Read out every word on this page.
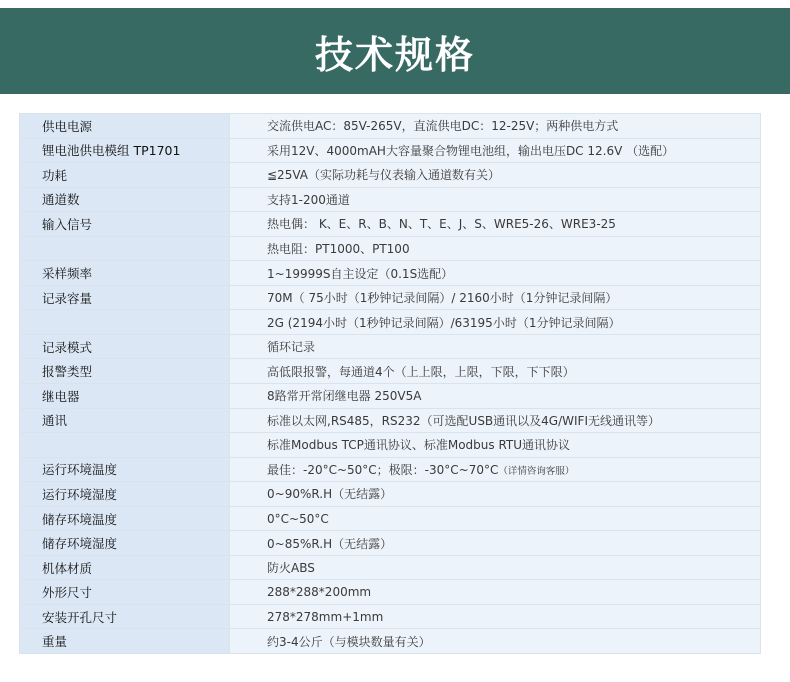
技术规格
供电电源	交流供电AC：85V-265V，直流供电DC：12-25V；两种供电方式
锂电池供电模组 TP1701	采用12V、4000mAH大容量聚合物锂电池组，输出电压DC 12.6V （选配）
功耗	≦25VA（实际功耗与仪表输入通道数有关）
通道数	支持1-200通道
输入信号	热电偶： K、E、R、B、N、T、E、J、S、WRE5-26、WRE3-25
	热电阻：PT1000、PT100
采样频率	1~19999S自主设定（0.1S选配）
记录容量	70M（ 75小时（1秒钟记录间隔）/ 2160小时（1分钟记录间隔）
	2G (2194小时（1秒钟记录间隔）/63195小时（1分钟记录间隔）
记录模式	循环记录
报警类型	高低限报警，每通道4个（上上限，上限，下限，下下限）
继电器	8路常开常闭继电器 250V5A
通讯	标准以太网,RS485，RS232（可选配USB通讯以及4G/WIFI无线通讯等）
	标准Modbus TCP通讯协议、标准Modbus RTU通讯协议
运行环境温度	最佳：-20°C~50°C；极限：-30°C~70°C（详情咨询客服）
运行环境湿度	0~90%R.H（无结露）
储存环境温度	0°C~50°C
储存环境湿度	0~85%R.H（无结露）
机体材质	防火ABS
外形尺寸	288*288*200mm
安装开孔尺寸	278*278mm+1mm
重量	约3-4公斤（与模块数量有关）
